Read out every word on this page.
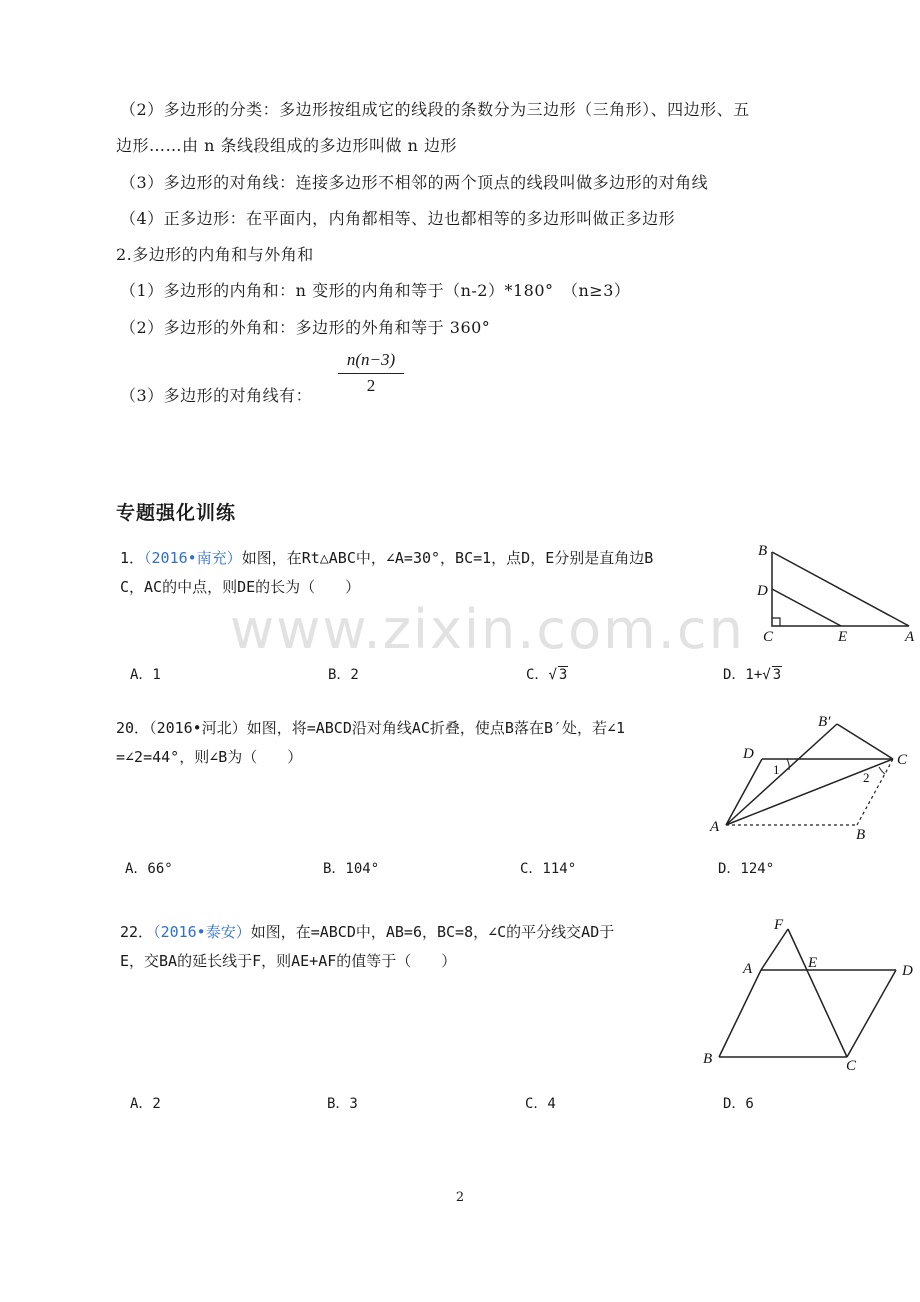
（2）多边形的分类：多边形按组成它的线段的条数分为三边形（三角形）、四边形、五
边形……由 n 条线段组成的多边形叫做 n 边形
（3）多边形的对角线：连接多边形不相邻的两个顶点的线段叫做多边形的对角线
（4）正多边形：在平面内，内角都相等、边也都相等的多边形叫做正多边形
2.多边形的内角和与外角和
（1）多边形的内角和：n 变形的内角和等于（n-2）*180°　（n≥3）
（2）多边形的外角和：多边形的外角和等于 360°
（3）多边形的对角线有： $\frac{n(n-3)}{2}$
专题强化训练
1．（2016•南充）如图，在Rt△ABC中，∠A=30°，BC=1，点D，E分别是直角边B
C，AC的中点，则DE的长为（　　）
B
D
C	E	A
www.zixin.com.cn
A．1	B．2	C．√ 3	D．1+√ 3
20．（2016•河北）如图，将=ABCD沿对角线AC折叠，使点B落在B′处，若∠1
=∠2=44°，则∠B为（　　）
B′
D	C
1
2
A	B
A．66°	B．104°	C．114°	D．124°
22．（2016•泰安）如图，在=ABCD中，AB=6，BC=8，∠C的平分线交AD于
E，交BA的延长线于F，则AE+AF的值等于（　　）
F
A	E	D
B	C
A．2	B．3	C．4	D．6
2
